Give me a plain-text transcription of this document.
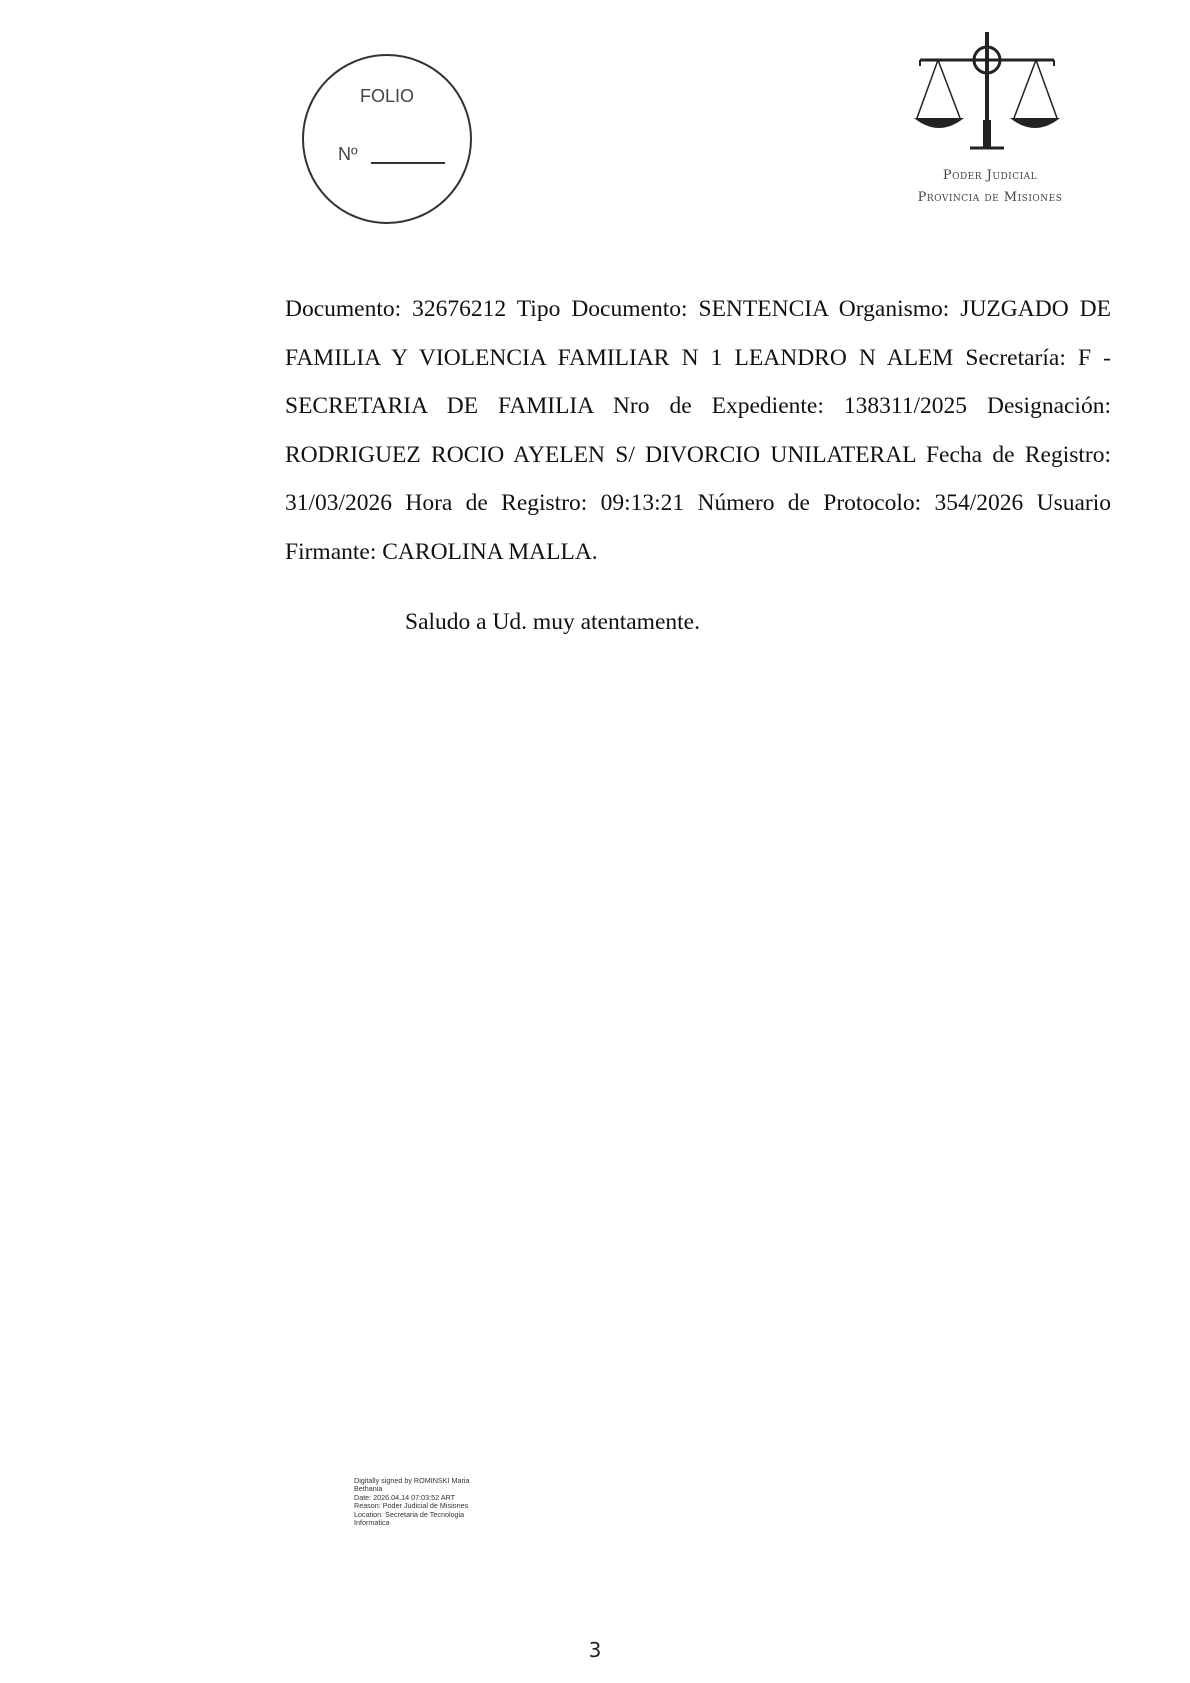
FOLIO
Nº
Poder Judicial
Provincia de Misiones

Documento: 32676212 Tipo Documento: SENTENCIA Organismo: JUZGADO DE FAMILIA Y VIOLENCIA FAMILIAR N 1 LEANDRO N ALEM Secretaría: F - SECRETARIA DE FAMILIA Nro de Expediente: 138311/2025 Designación: RODRIGUEZ ROCIO AYELEN S/ DIVORCIO UNILATERAL Fecha de Registro: 31/03/2026 Hora de Registro: 09:13:21 Número de Protocolo: 354/2026 Usuario Firmante: CAROLINA MALLA.

Saludo a Ud. muy atentamente.

Digitally signed by ROMINSKI Maria
Bethania
Date: 2026.04.14 07:03:52 ART
Reason: Poder Judicial de Misiones
Location: Secretaria de Tecnologia
Informatica
3
